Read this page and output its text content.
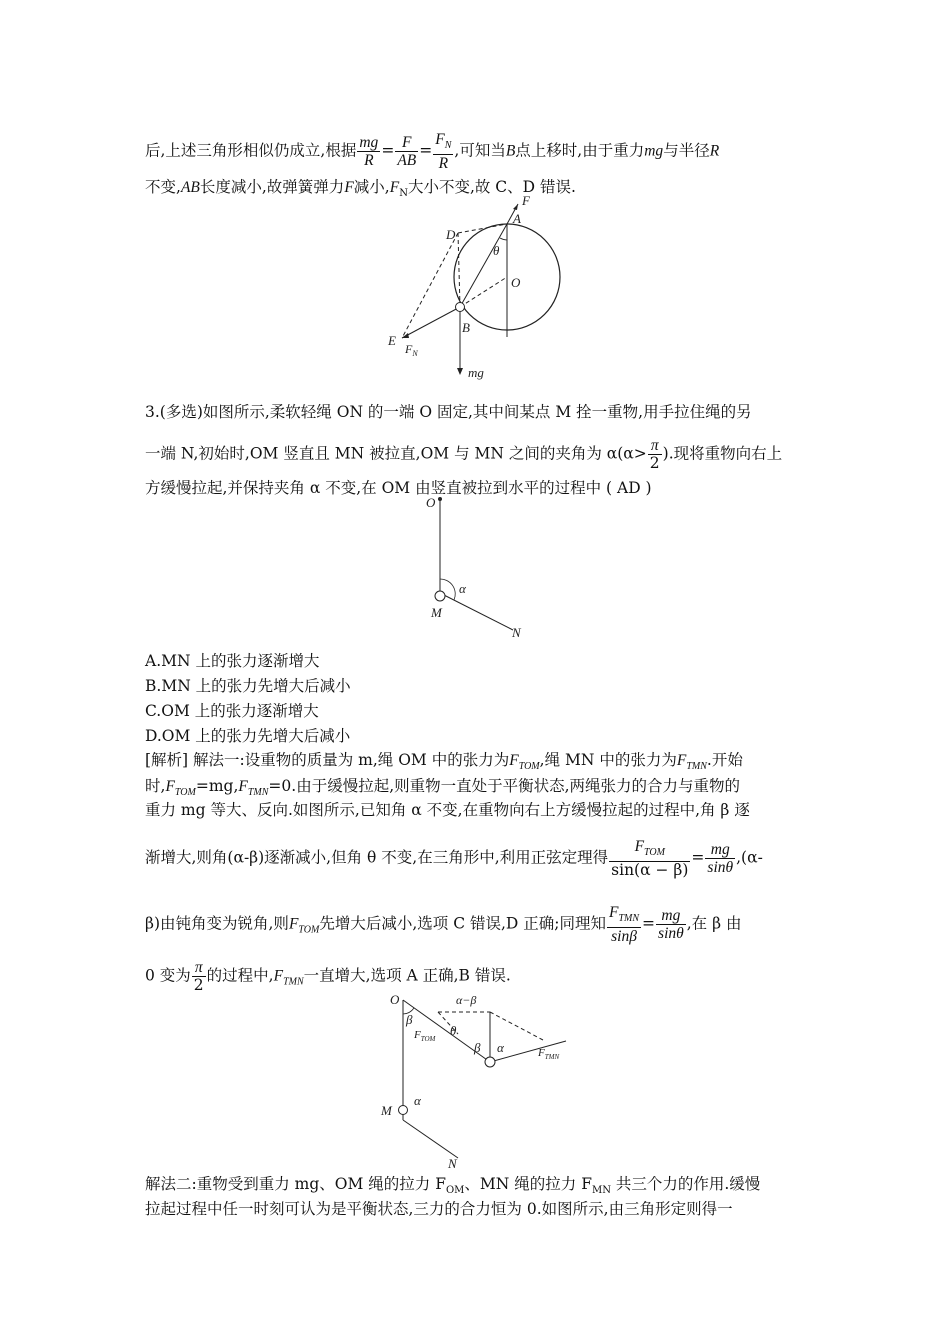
后,上述三角形相似仍成立,根据 $\frac{mg}{R} = \frac{F}{AB} = \frac{F_N}{R}$ ,可知当B点上移时,由于重力mg与半径R
不变,AB长度减小,故弹簧弹力F减小$,F_N$大小不变,故 C、D 错误.
F
A
D
θ
O
B
E
$F_N$
mg
3.(多选)如图所示,柔软轻绳 ON 的一端 O 固定,其中间某点 M 拴一重物,用手拉住绳的另
一端 N,初始时,OM 竖直且 MN 被拉直,OM 与 MN 之间的夹角为 $\alpha(\alpha> \frac{\pi}{2}$ ).现将重物向右上
方缓慢拉起,并保持夹角 α 不变,在 OM 由竖直被拉到水平的过程中 ( AD )
O
α
M
N
A.MN 上的张力逐渐增大
B.MN 上的张力先增大后减小
C.OM 上的张力逐渐增大
D.OM 上的张力先增大后减小
[解析] 解法一:设重物的质量为 m,绳 OM 中的张力为$F_{TOM}$,绳 MN 中的张力为$F_{TMN}$.开始
时$,F_{TOM}=mg,F_{TMN}=0$.由于缓慢拉起,则重物一直处于平衡状态,两绳张力的合力与重物的
重力 mg 等大、反向.如图所示,已知角 α 不变,在重物向右上方缓慢拉起的过程中,角 β 逐
渐增大,则角(α-β)逐渐减小,但角 θ 不变,在三角形中,利用正弦定理得 $\frac{F_{TOM}}{\sin(\alpha - \beta)} = \frac{mg}{\sin\theta} ,(\alpha-$
β)由钝角变为锐角,则$F_{TOM}$先增大后减小,选项 C 错误,D 正确;同理知 $\frac{F_{TMN}}{\sin\beta} = \frac{mg}{\sin\theta}$ ,在 β 由
0 变为 $\frac{\pi}{2}$ 的过程中$,F_{TMN}$一直增大,选项 A 正确,B 错误.
O
β
α−β
θ
$F_{TOM}$
β α	$F_{TMN}$
M
α
N
解法二:重物受到重力 mg、OM 绳的拉力 $F_{OM}$、MN 绳的拉力 $F_{MN}$ 共三个力的作用.缓慢
拉起过程中任一时刻可认为是平衡状态,三力的合力恒为 0.如图所示,由三角形定则得一
